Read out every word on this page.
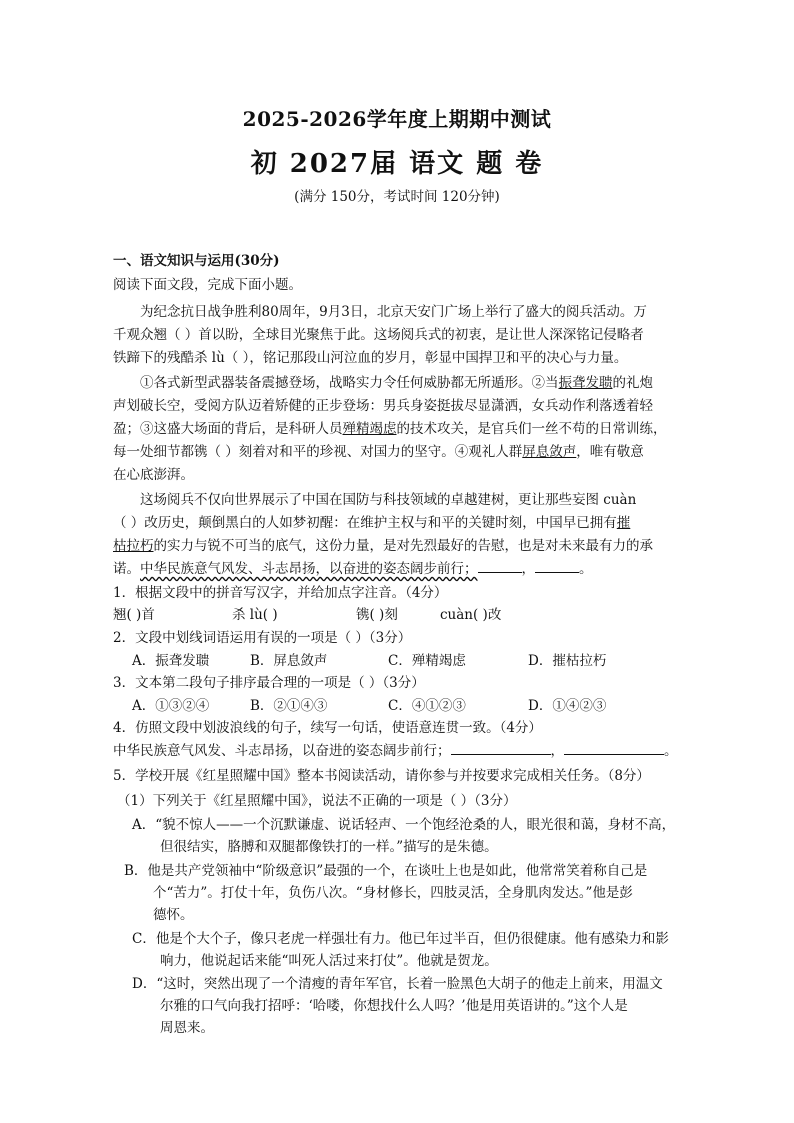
2025-2026学年度上期期中测试
初 2027届 语文 题 卷
(满分 150分，考试时间 120分钟)
一、语文知识与运用(30分)
阅读下面文段，完成下面小题。
为纪念抗日战争胜利80周年，9月3日，北京天安门广场上举行了盛大的阅兵活动。万
千观众翘（ ）首以盼，全球目光聚焦于此。这场阅兵式的初衷，是让世人深深铭记侵略者
铁蹄下的残酷杀 lù（ ），铭记那段山河泣血的岁月，彰显中国捍卫和平的决心与力量。
①各式新型武器装备震撼登场，战略实力令任何威胁都无所遁形。②当振聋发聩的礼炮
声划破长空，受阅方队迈着矫健的正步登场：男兵身姿挺拔尽显潇洒，女兵动作利落透着轻
盈；③这盛大场面的背后，是科研人员殚精竭虑的技术攻关，是官兵们一丝不苟的日常训练，
每一处细节都镌（ ）刻着对和平的珍视、对国力的坚守。④观礼人群屏息敛声，唯有敬意
在心底澎湃。
这场阅兵不仅向世界展示了中国在国防与科技领域的卓越建树，更让那些妄图 cuàn
（ ）改历史，颠倒黑白的人如梦初醒：在维护主权与和平的关键时刻，中国早已拥有摧
枯拉朽的实力与锐不可当的底气，这份力量，是对先烈最好的告慰，也是对未来最有力的承
诺。中华民族意气风发、斗志昂扬，以奋进的姿态阔步前行；	，	。
1．根据文段中的拼音写汉字，并给加点字注音。（4分）
翘( )首	杀 lù( )	镌( )刻	cuàn( )改
2．文段中划线词语运用有误的一项是（ ）（3分）
A．振聋发聩	B．屏息敛声	C．殚精竭虑	D．摧枯拉朽
3．文本第二段句子排序最合理的一项是（ ）（3分）
A．①③②④	B．②①④③	C．④①②③	D．①④②③
4．仿照文段中划波浪线的句子，续写一句话，使语意连贯一致。（4分）
中华民族意气风发、斗志昂扬，以奋进的姿态阔步前行；	，	。
5．学校开展《红星照耀中国》整本书阅读活动，请你参与并按要求完成相关任务。（8分）
（1）下列关于《红星照耀中国》，说法不正确的一项是（ ）（3分）
A．“貌不惊人——一个沉默谦虚、说话轻声、一个饱经沧桑的人，眼光很和蔼，身材不高，
但很结实，胳膊和双腿都像铁打的一样。”描写的是朱德。
B．他是共产党领袖中“阶级意识”最强的一个，在谈吐上也是如此，他常常笑着称自己是
个“苦力”。打仗十年，负伤八次。“身材修长，四肢灵活，全身肌肉发达。”他是彭
德怀。
C．他是个大个子，像只老虎一样强壮有力。他已年过半百，但仍很健康。他有感染力和影
响力，他说起话来能“叫死人活过来打仗”。他就是贺龙。
D．“这时，突然出现了一个清瘦的青年军官，长着一脸黑色大胡子的他走上前来，用温文
尔雅的口气向我打招呼：‘哈喽，你想找什么人吗？’他是用英语讲的。”这个人是
周恩来。
